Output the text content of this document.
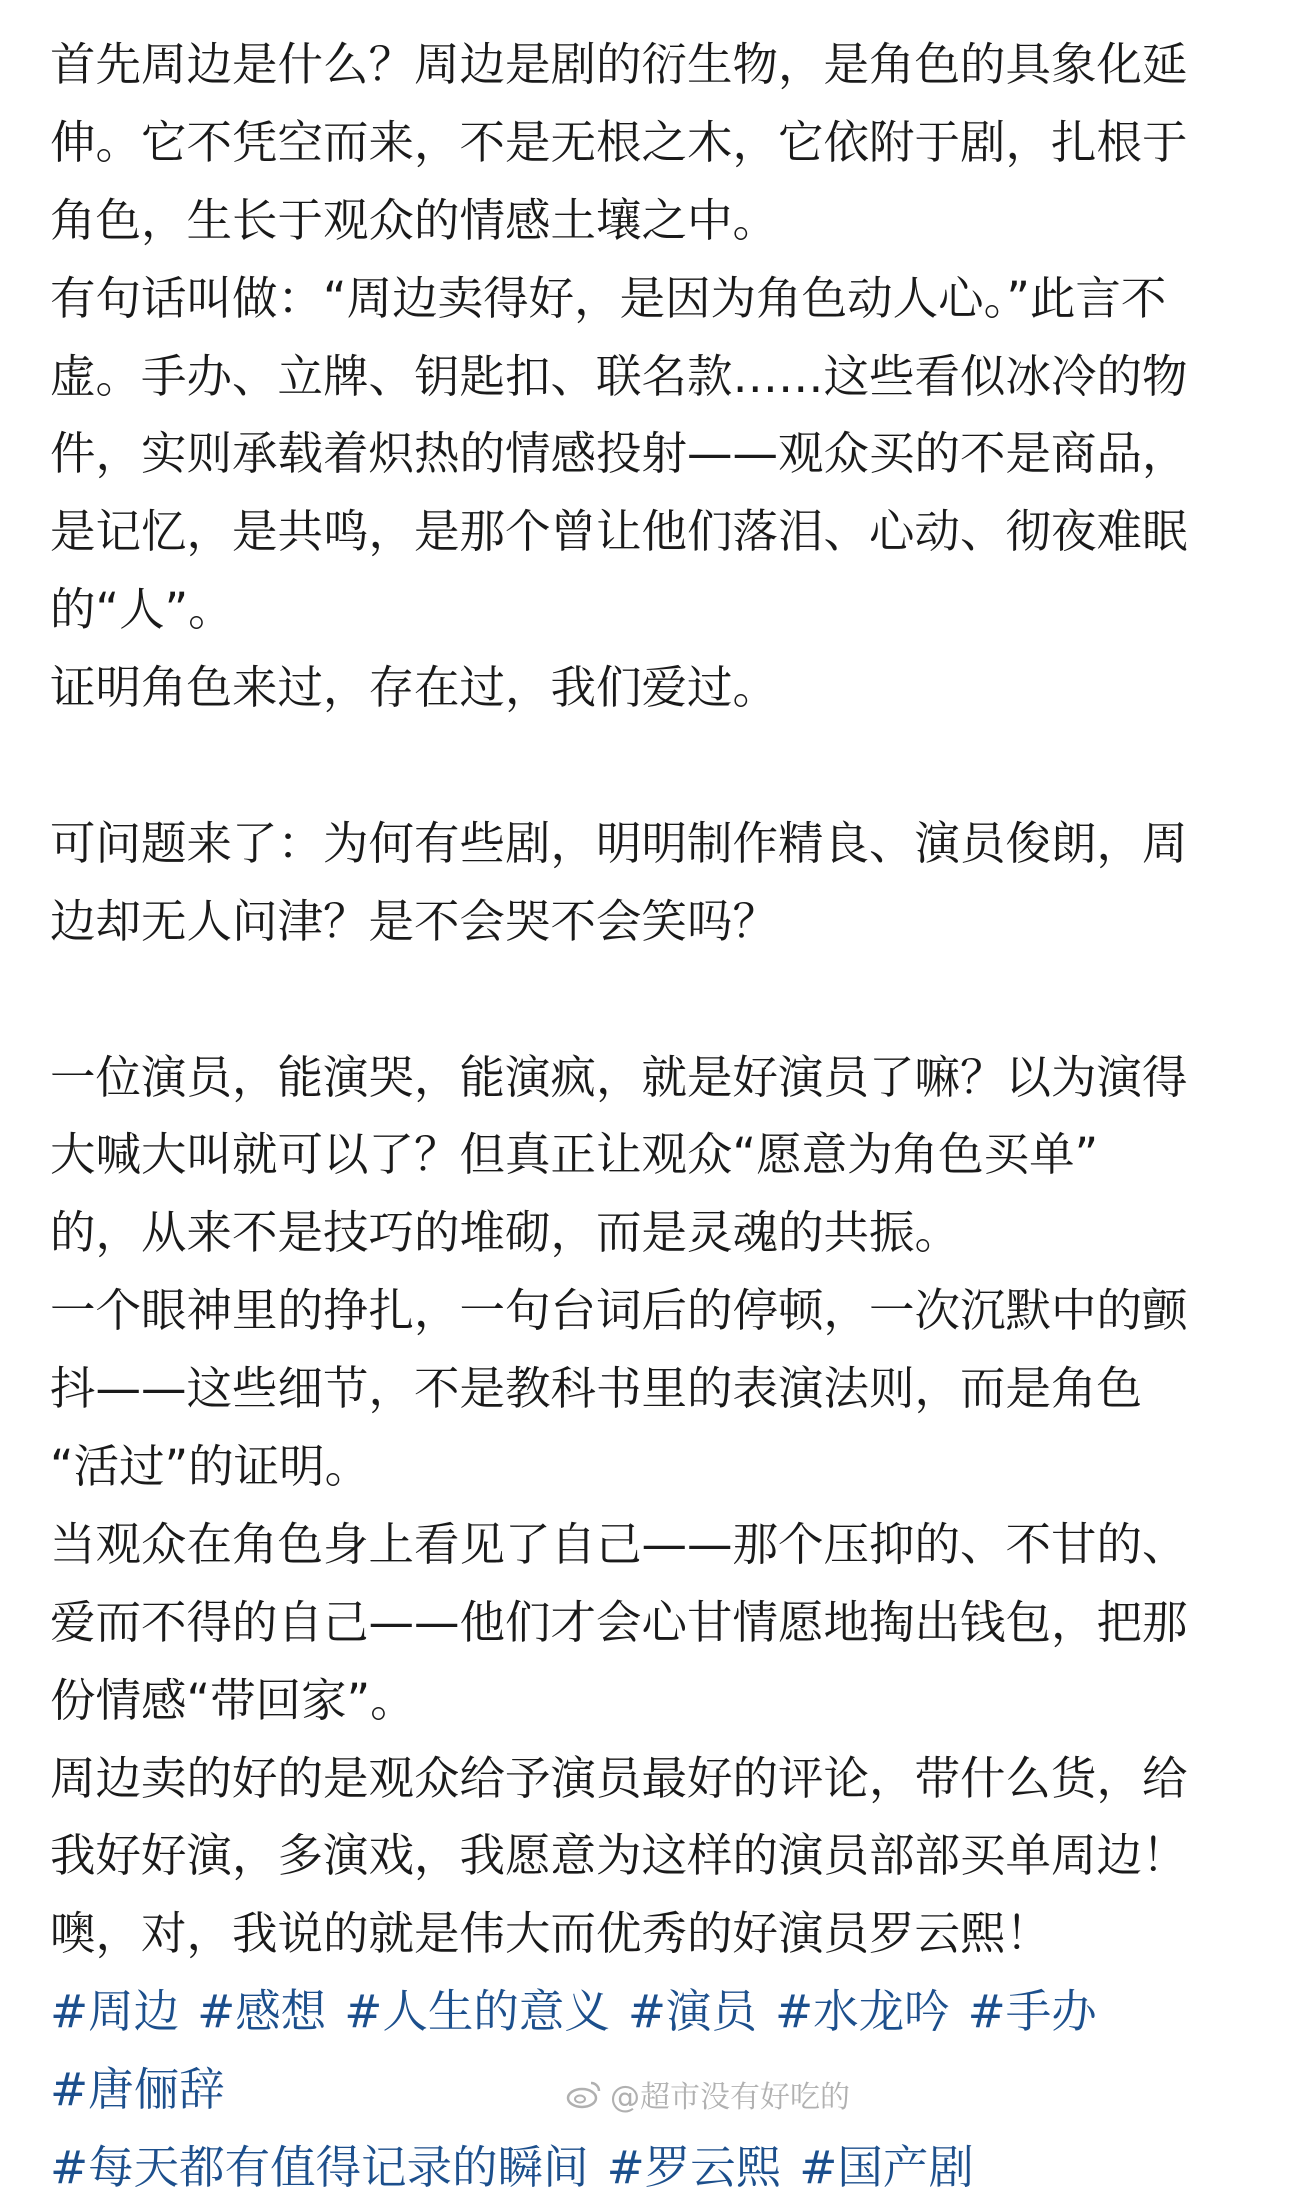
首先周边是什么？周边是剧的衍生物，是角色的具象化延
伸。它不凭空而来，不是无根之木，它依附于剧，扎根于
角色，生长于观众的情感土壤之中。
有句话叫做：“周边卖得好，是因为角色动人心。”此言不
虚。手办、立牌、钥匙扣、联名款……这些看似冰冷的物
件，实则承载着炽热的情感投射——观众买的不是商品，
是记忆，是共鸣，是那个曾让他们落泪、心动、彻夜难眠
的“人”。
证明角色来过，存在过，我们爱过。
可问题来了：为何有些剧，明明制作精良、演员俊朗，周
边却无人问津？是不会哭不会笑吗？
一位演员，能演哭，能演疯，就是好演员了嘛？以为演得
大喊大叫就可以了？但真正让观众“愿意为角色买单”
的，从来不是技巧的堆砌，而是灵魂的共振。
一个眼神里的挣扎，一句台词后的停顿，一次沉默中的颤
抖——这些细节，不是教科书里的表演法则，而是角色
“活过”的证明。
当观众在角色身上看见了自己——那个压抑的、不甘的、
爱而不得的自己——他们才会心甘情愿地掏出钱包，把那
份情感“带回家”。
周边卖的好的是观众给予演员最好的评论，带什么货，给
我好好演，多演戏，我愿意为这样的演员部部买单周边！
噢，对，我说的就是伟大而优秀的好演员罗云熙！
#周边 #感想 #人生的意义 #演员 #水龙吟 #手办#唐俪辞
#每天都有值得记录的瞬间 #罗云熙 #国产剧
@超市没有好吃的
